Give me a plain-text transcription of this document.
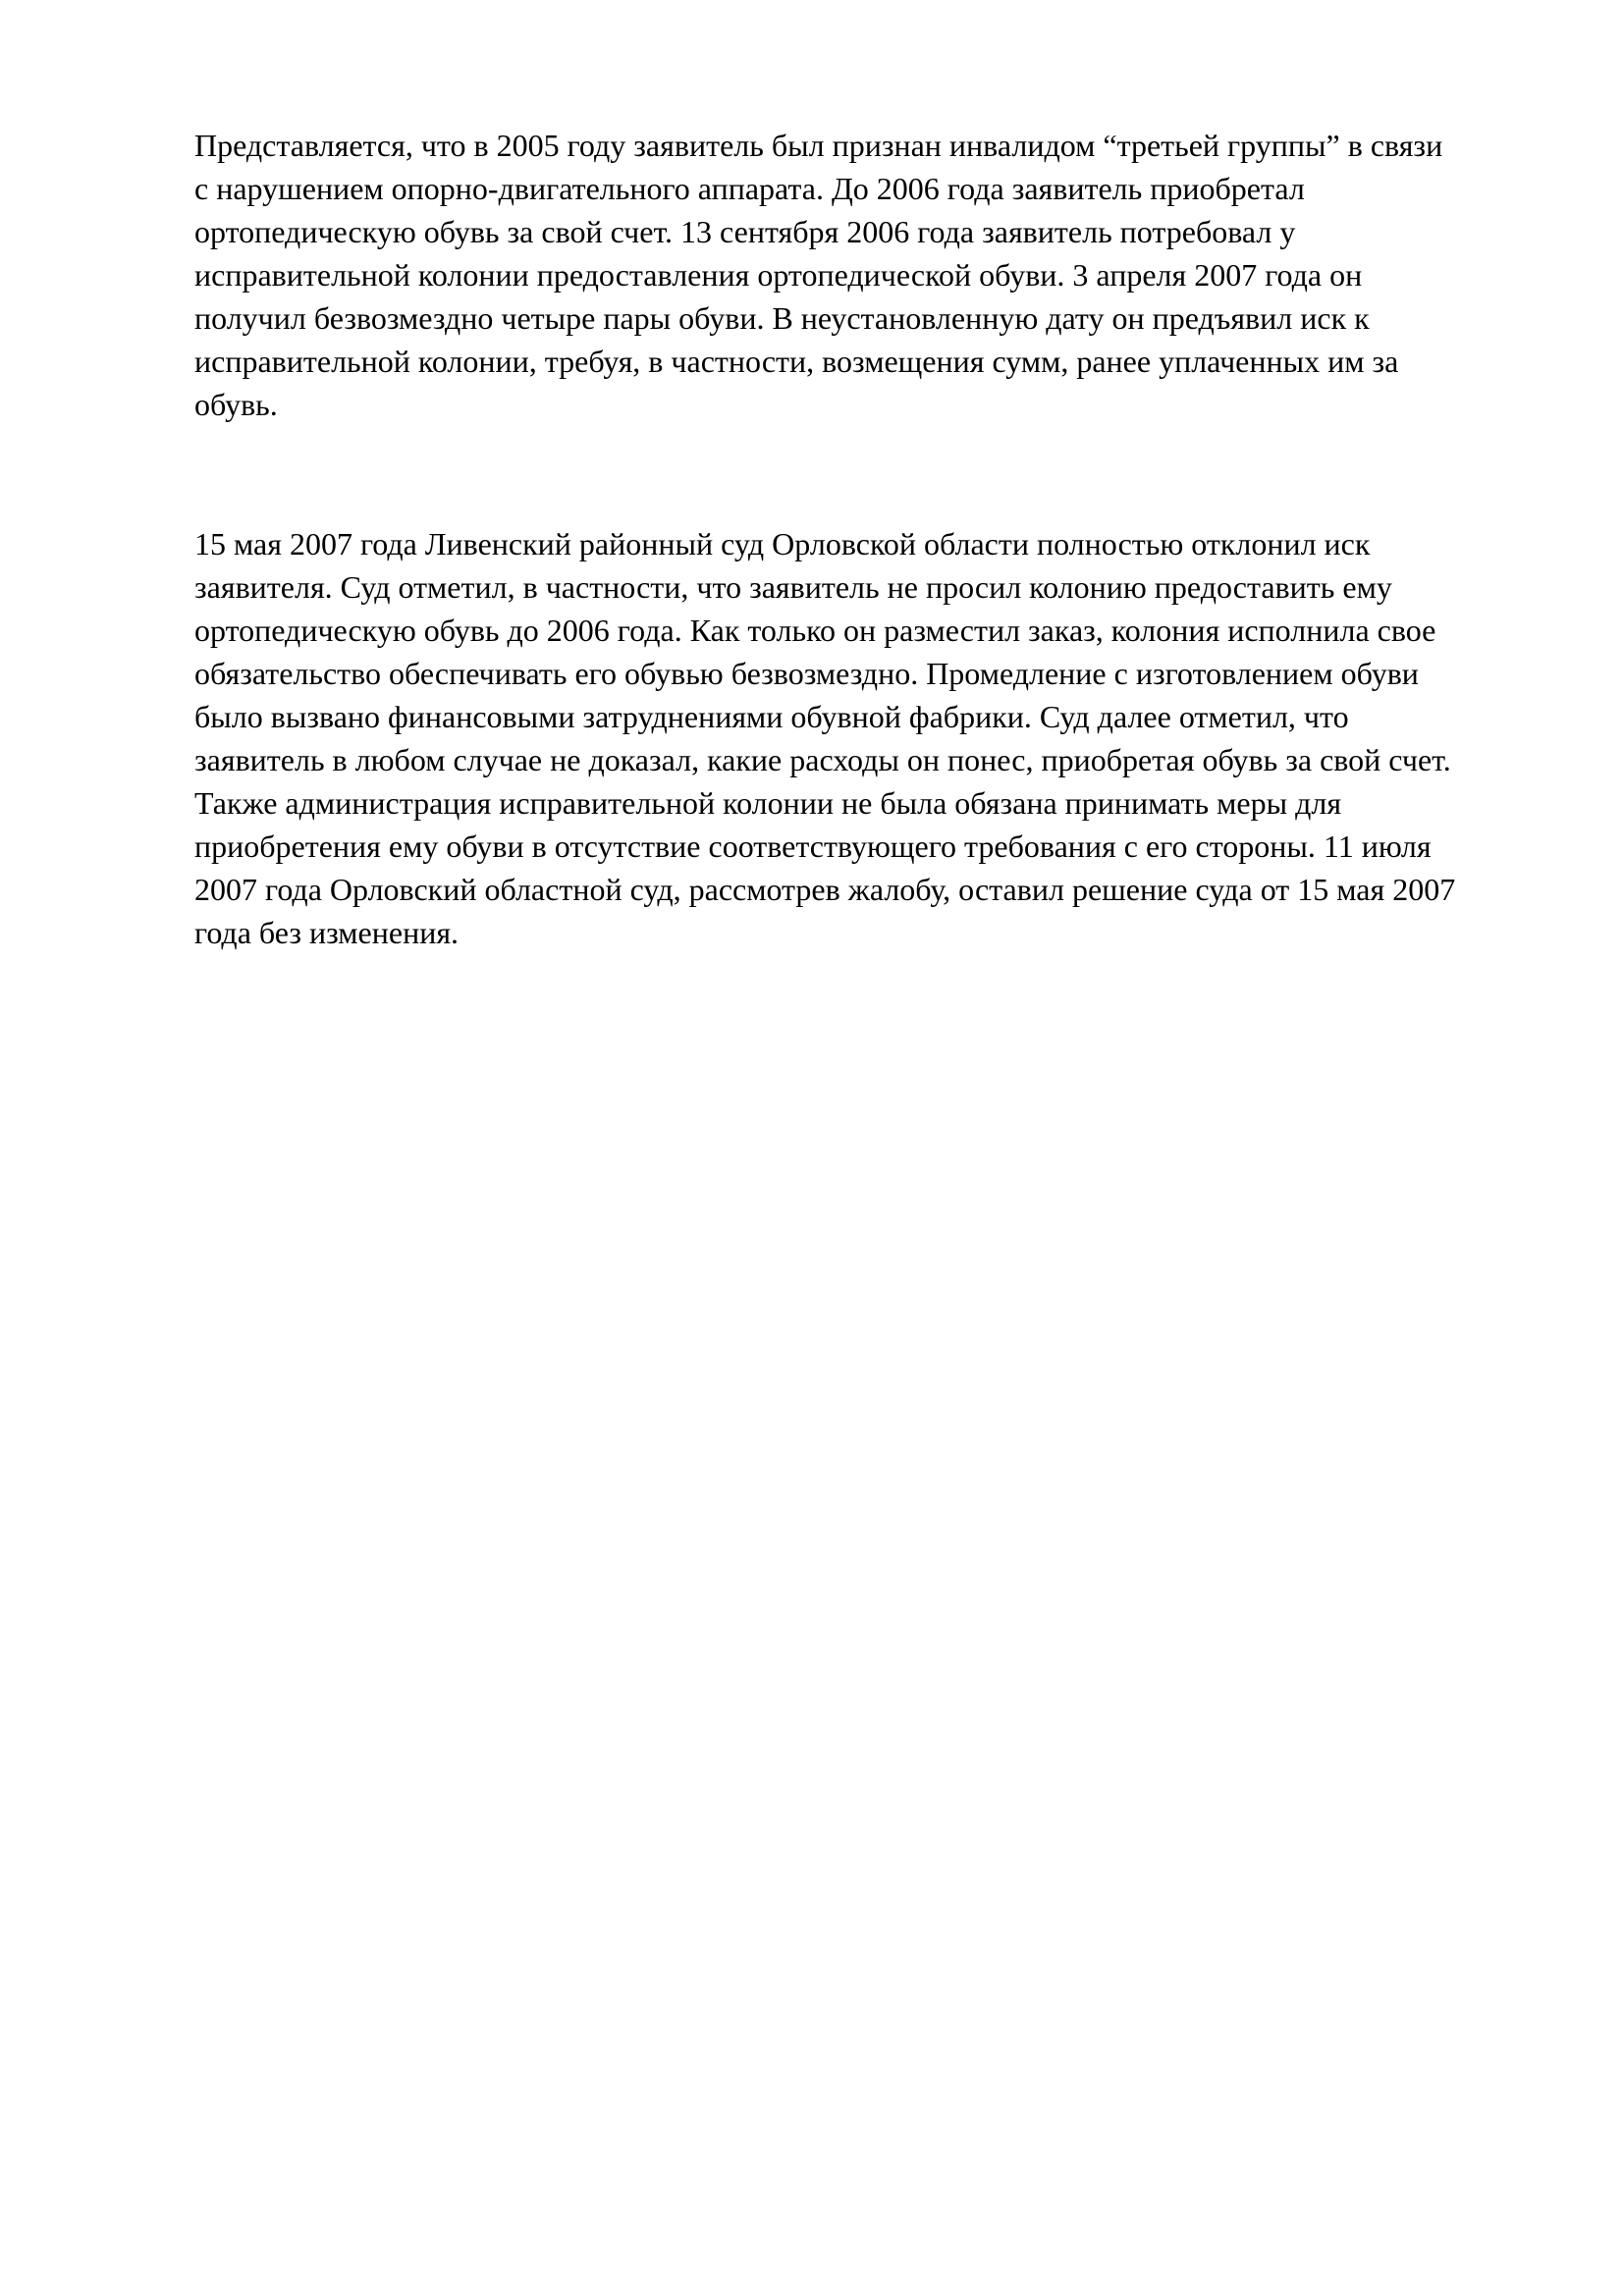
Представляется, что в 2005 году заявитель был признан инвалидом “третьей группы” в связи
с нарушением опорно-двигательного аппарата. До 2006 года заявитель приобретал
ортопедическую обувь за свой счет. 13 сентября 2006 года заявитель потребовал у
исправительной колонии предоставления ортопедической обуви. 3 апреля 2007 года он
получил безвозмездно четыре пары обуви. В неустановленную дату он предъявил иск к
исправительной колонии, требуя, в частности, возмещения сумм, ранее уплаченных им за
обувь.
15 мая 2007 года Ливенский районный суд Орловской области полностью отклонил иск
заявителя. Суд отметил, в частности, что заявитель не просил колонию предоставить ему
ортопедическую обувь до 2006 года. Как только он разместил заказ, колония исполнила свое
обязательство обеспечивать его обувью безвозмездно. Промедление с изготовлением обуви
было вызвано финансовыми затруднениями обувной фабрики. Суд далее отметил, что
заявитель в любом случае не доказал, какие расходы он понес, приобретая обувь за свой счет.
Также администрация исправительной колонии не была обязана принимать меры для
приобретения ему обуви в отсутствие соответствующего требования с его стороны. 11 июля
2007 года Орловский областной суд, рассмотрев жалобу, оставил решение суда от 15 мая 2007
года без изменения.
